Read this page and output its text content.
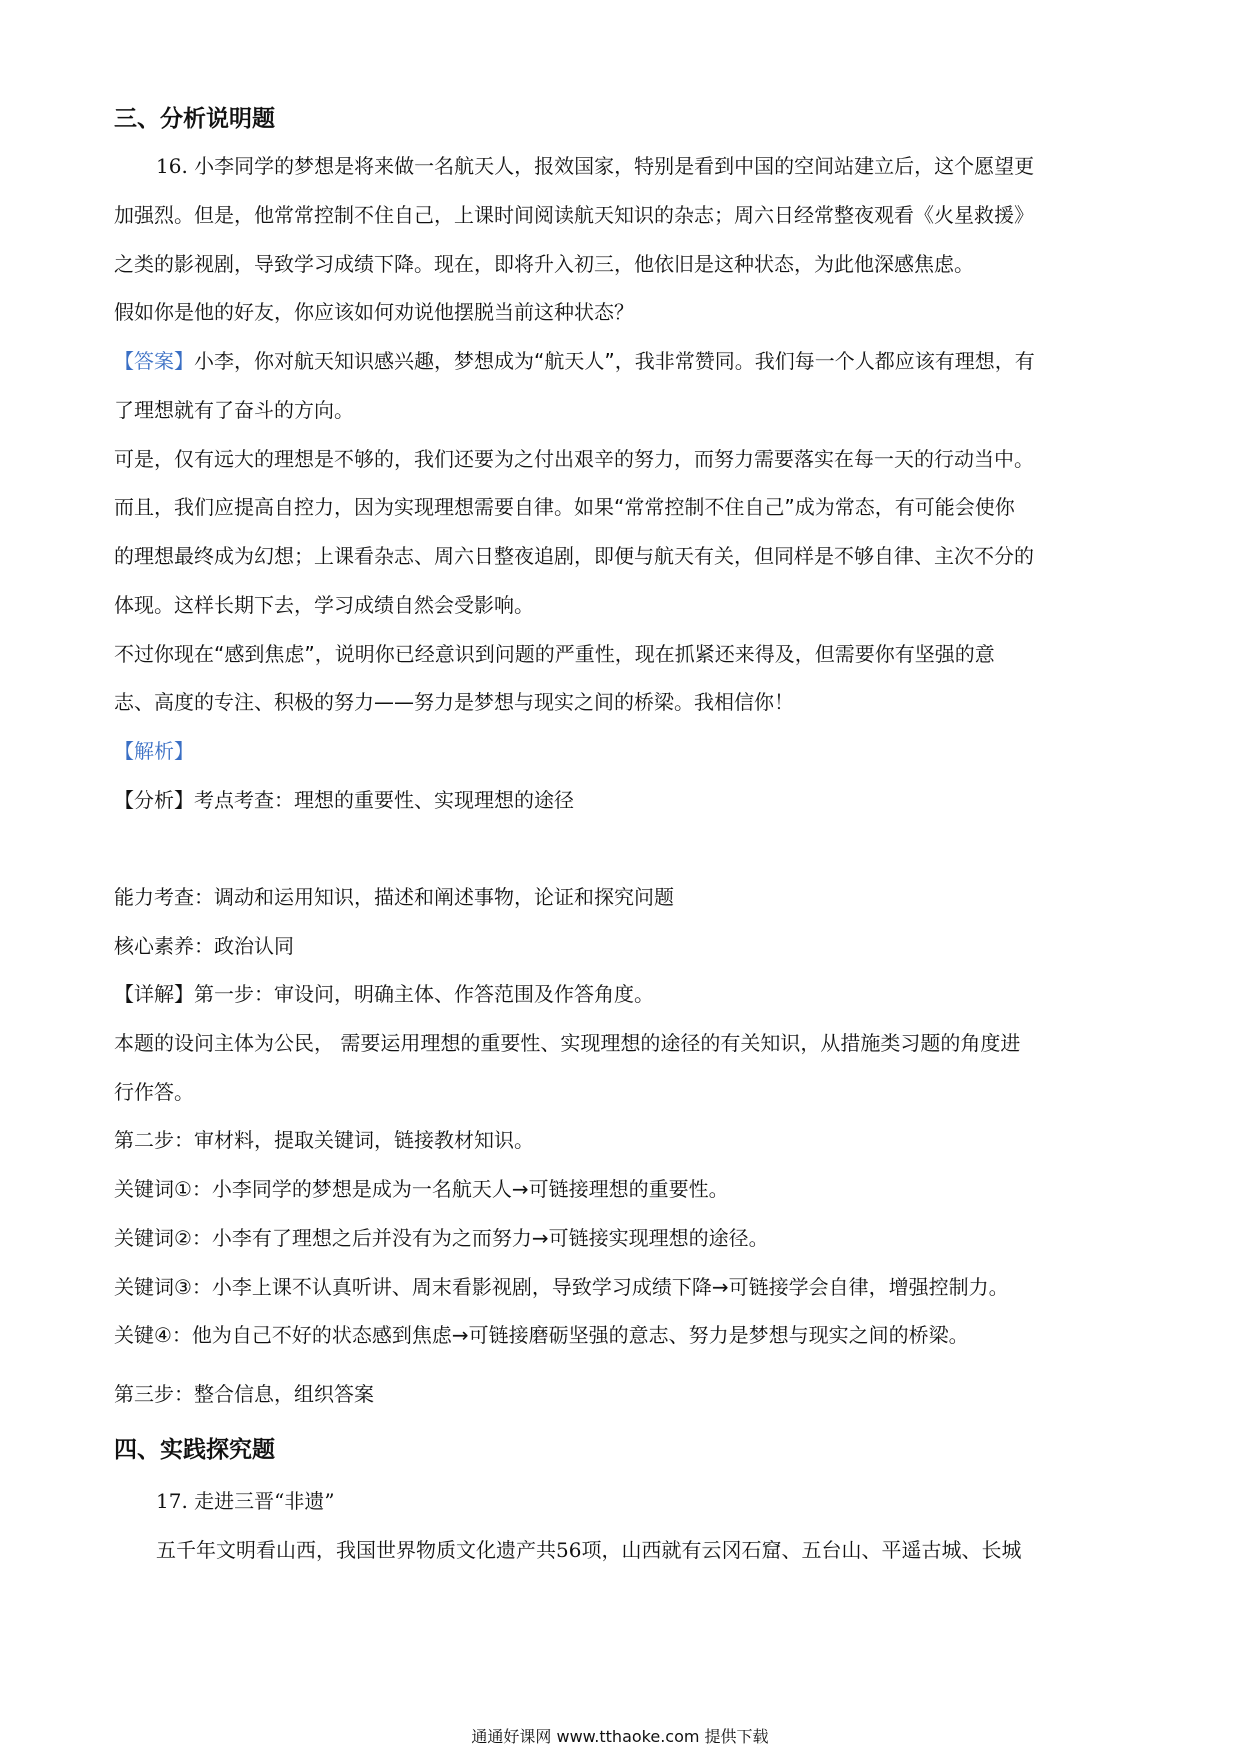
三、分析说明题
16. 小李同学的梦想是将来做一名航天人，报效国家，特别是看到中国的空间站建立后，这个愿望更
加强烈。但是，他常常控制不住自己，上课时间阅读航天知识的杂志；周六日经常整夜观看《火星救援》
之类的影视剧，导致学习成绩下降。现在，即将升入初三，他依旧是这种状态，为此他深感焦虑。
假如你是他的好友，你应该如何劝说他摆脱当前这种状态？
【答案】小李，你对航天知识感兴趣，梦想成为“航天人”，我非常赞同。我们每一个人都应该有理想，有
了理想就有了奋斗的方向。
可是，仅有远大的理想是不够的，我们还要为之付出艰辛的努力，而努力需要落实在每一天的行动当中。
而且，我们应提高自控力，因为实现理想需要自律。如果“常常控制不住自己”成为常态，有可能会使你
的理想最终成为幻想；上课看杂志、周六日整夜追剧，即便与航天有关，但同样是不够自律、主次不分的
体现。这样长期下去，学习成绩自然会受影响。
不过你现在“感到焦虑”，说明你已经意识到问题的严重性，现在抓紧还来得及，但需要你有坚强的意
志、高度的专注、积极的努力——努力是梦想与现实之间的桥梁。我相信你！
【解析】
【分析】考点考查：理想的重要性、实现理想的途径
能力考查：调动和运用知识，描述和阐述事物，论证和探究问题
核心素养：政治认同
【详解】第一步：审设问，明确主体、作答范围及作答角度。
本题的设问主体为公民， 需要运用理想的重要性、实现理想的途径的有关知识，从措施类习题的角度进
行作答。
第二步：审材料，提取关键词，链接教材知识。
关键词①：小李同学的梦想是成为一名航天人→可链接理想的重要性。
关键词②：小李有了理想之后并没有为之而努力→可链接实现理想的途径。
关键词③：小李上课不认真听讲、周末看影视剧，导致学习成绩下降→可链接学会自律，增强控制力。
关键④：他为自己不好的状态感到焦虑→可链接磨砺坚强的意志、努力是梦想与现实之间的桥梁。
第三步：整合信息，组织答案
四、实践探究题
17. 走进三晋“非遗”
五千年文明看山西，我国世界物质文化遗产共56项，山西就有云冈石窟、五台山、平遥古城、长城
通通好课网 www.tthaoke.com 提供下载
